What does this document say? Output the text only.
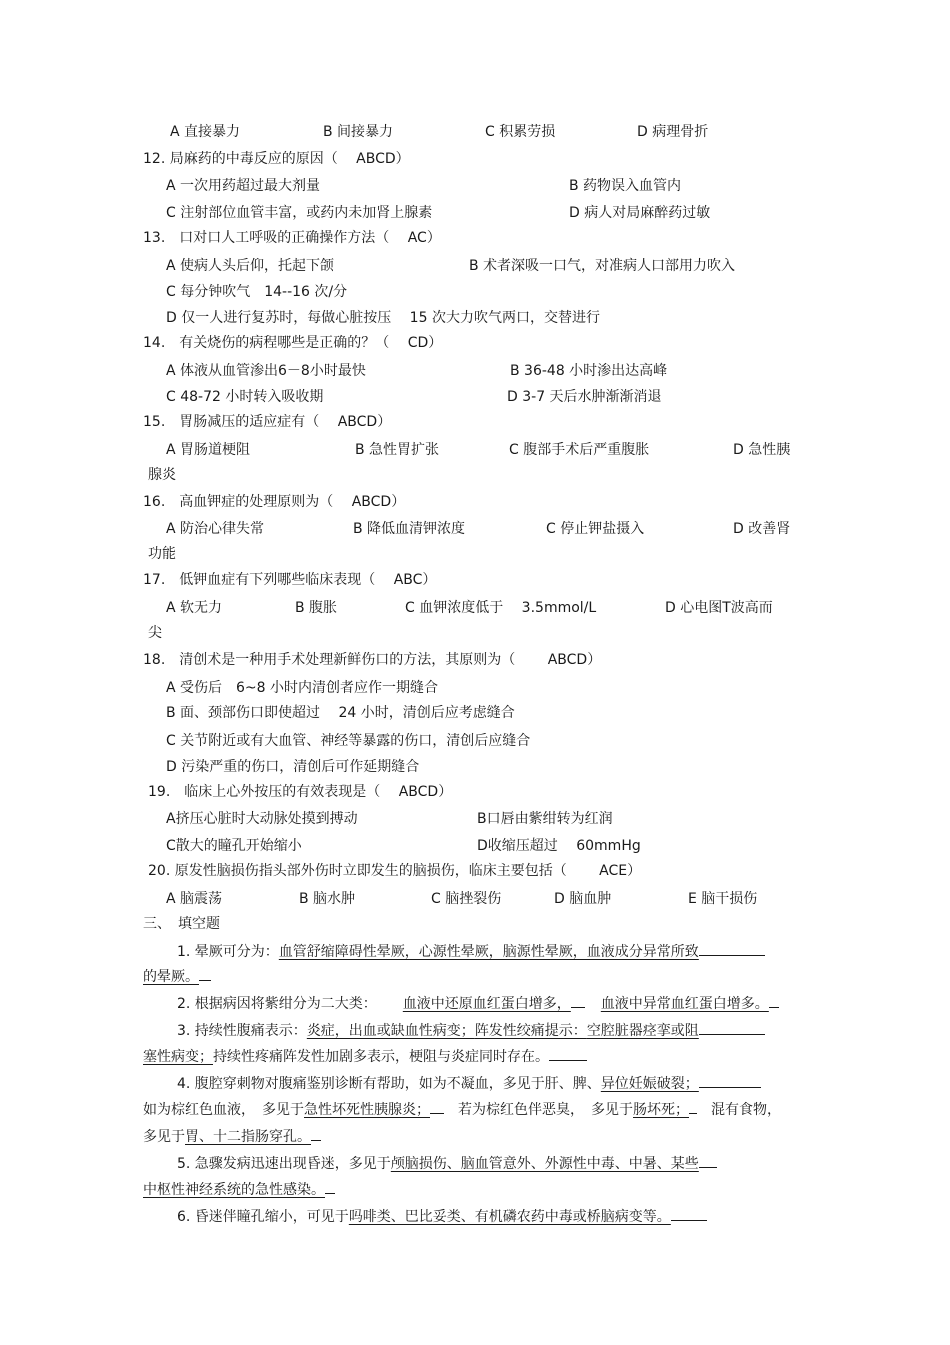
A 直接暴力	B 间接暴力	C 积累劳损	D 病理骨折
12. 局麻药的中毒反应的原因（　 ABCD）
A 一次用药超过最大剂量	B 药物误入血管内
C 注射部位血管丰富，或药内未加肾上腺素	D 病人对局麻醉药过敏
13.　口对口人工呼吸的正确操作方法（　 AC）
A 使病人头后仰，托起下颌	B 术者深吸一口气，对准病人口部用力吹入
C 每分钟吹气　14--16 次/分
D 仅一人进行复苏时，每做心脏按压　 15 次大力吹气两口，交替进行
14.　有关烧伤的病程哪些是正确的？（　 CD）
A 体液从血管渗出6－8小时最快	B 36-48 小时渗出达高峰
C 48-72 小时转入吸收期	D 3-7 天后水肿渐渐消退
15.　胃肠减压的适应症有（　 ABCD）
A 胃肠道梗阻	B 急性胃扩张	C 腹部手术后严重腹胀	D 急性胰
腺炎
16.　高血钾症的处理原则为（　 ABCD）
A 防治心律失常	B 降低血清钾浓度	C 停止钾盐摄入	D 改善肾
功能
17.　低钾血症有下列哪些临床表现（　 ABC）
A 软无力	B 腹胀	C 血钾浓度低于　 3.5mmol/L	D 心电图T波高而
尖
18.　清创术是一种用手术处理新鲜伤口的方法，其原则为（　　 ABCD）
A 受伤后　6~8 小时内清创者应作一期缝合
B 面、颈部伤口即使超过　 24 小时，清创后应考虑缝合
C 关节附近或有大血管、神经等暴露的伤口，清创后应缝合
D 污染严重的伤口，清创后可作延期缝合
19.　临床上心外按压的有效表现是（　 ABCD）
A挤压心脏时大动脉处摸到搏动	B口唇由紫绀转为红润
C散大的瞳孔开始缩小	D收缩压超过　 60mmHg
20. 原发性脑损伤指头部外伤时立即发生的脑损伤，临床主要包括（　　 ACE）
A 脑震荡	B 脑水肿	C 脑挫裂伤	D 脑血肿	E 脑干损伤
三、　填空题
1. 晕厥可分为：血管舒缩障碍性晕厥，心源性晕厥，脑源性晕厥，血液成分异常所致
的晕厥。
2. 根据病因将紫绀分为二大类： 血液中还原血红蛋白增多， 血液中异常血红蛋白增多。
3. 持续性腹痛表示：炎症，出血或缺血性病变；阵发性绞痛提示：空腔脏器痉挛或阻
塞性病变；持续性疼痛阵发性加剧多表示，梗阻与炎症同时存在。
4. 腹腔穿刺物对腹痛鉴别诊断有帮助，如为不凝血，多见于肝、脾、异位妊娠破裂；
如为棕红色血液，　多见于急性坏死性胰腺炎；　若为棕红色伴恶臭，　多见于肠坏死；　混有食物，
多见于胃、十二指肠穿孔。
5. 急骤发病迅速出现昏迷，多见于颅脑损伤、脑血管意外、外源性中毒、中暑、某些
中枢性神经系统的急性感染。
6. 昏迷伴瞳孔缩小，可见于吗啡类、巴比妥类、有机磷农药中毒或桥脑病变等。
